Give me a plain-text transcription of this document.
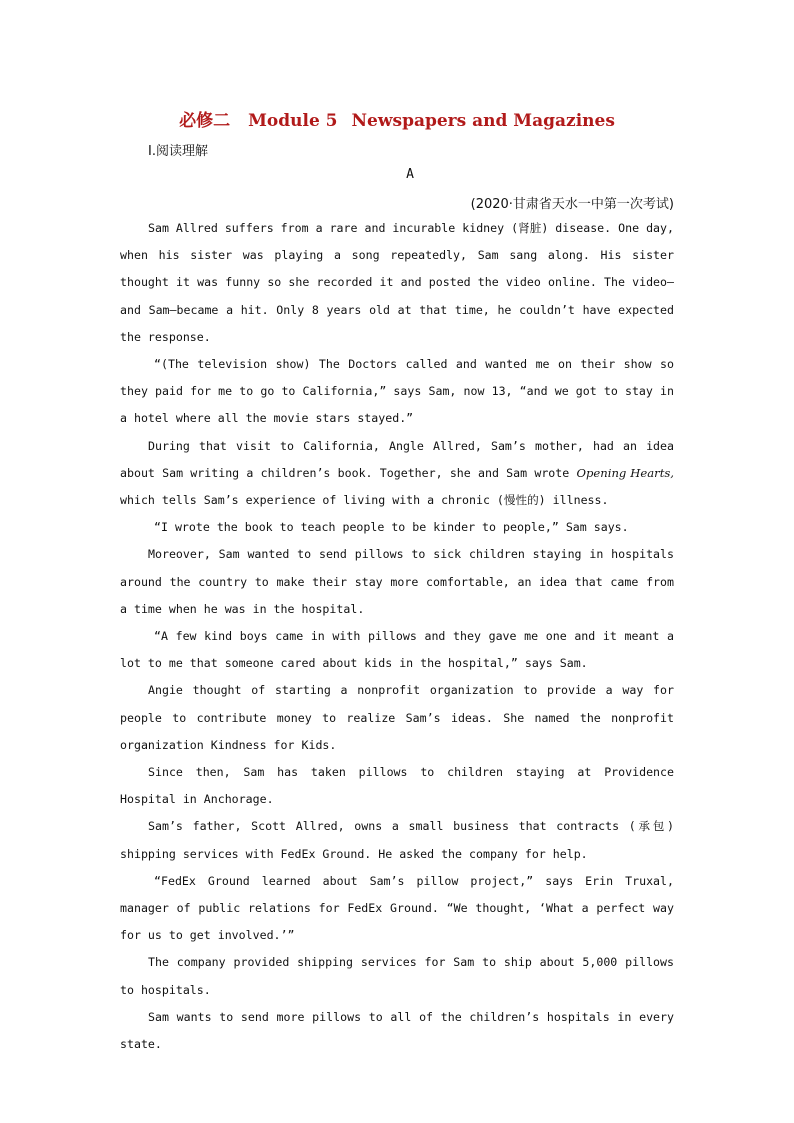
必修二 Module 5 Newspapers and Magazines
Ⅰ.阅读理解
A
(2020·甘肃省天水一中第一次考试)

Sam Allred suffers from a rare and incurable kidney (肾脏) disease. One day, when his sister was playing a song repeatedly, Sam sang along. His sister thought it was funny so she recorded it and posted the video online. The video—and Sam—became a hit. Only 8 years old at that time, he couldn’t have expected the response.

“(The television show) The Doctors called and wanted me on their show so they paid for me to go to California,” says Sam, now 13, “and we got to stay in a hotel where all the movie stars stayed.”

During that visit to California, Angle Allred, Sam’s mother, had an idea about Sam writing a children’s book. Together, she and Sam wrote Opening Hearts, which tells Sam’s experience of living with a chronic (慢性的) illness.

“I wrote the book to teach people to be kinder to people,” Sam says.

Moreover, Sam wanted to send pillows to sick children staying in hospitals around the country to make their stay more comfortable, an idea that came from a time when he was in the hospital.

“A few kind boys came in with pillows and they gave me one and it meant a lot to me that someone cared about kids in the hospital,” says Sam.

Angie thought of starting a nonprofit organization to provide a way for people to contribute money to realize Sam’s ideas. She named the nonprofit organization Kindness for Kids.

Since then, Sam has taken pillows to children staying at Providence Hospital in Anchorage.

Sam’s father, Scott Allred, owns a small business that contracts (承包) shipping services with FedEx Ground. He asked the company for help.

“FedEx Ground learned about Sam’s pillow project,” says Erin Truxal, manager of public relations for FedEx Ground. “We thought, ‘What a perfect way for us to get involved.’”

The company provided shipping services for Sam to ship about 5,000 pillows to hospitals.

Sam wants to send more pillows to all of the children’s hospitals in every state.
